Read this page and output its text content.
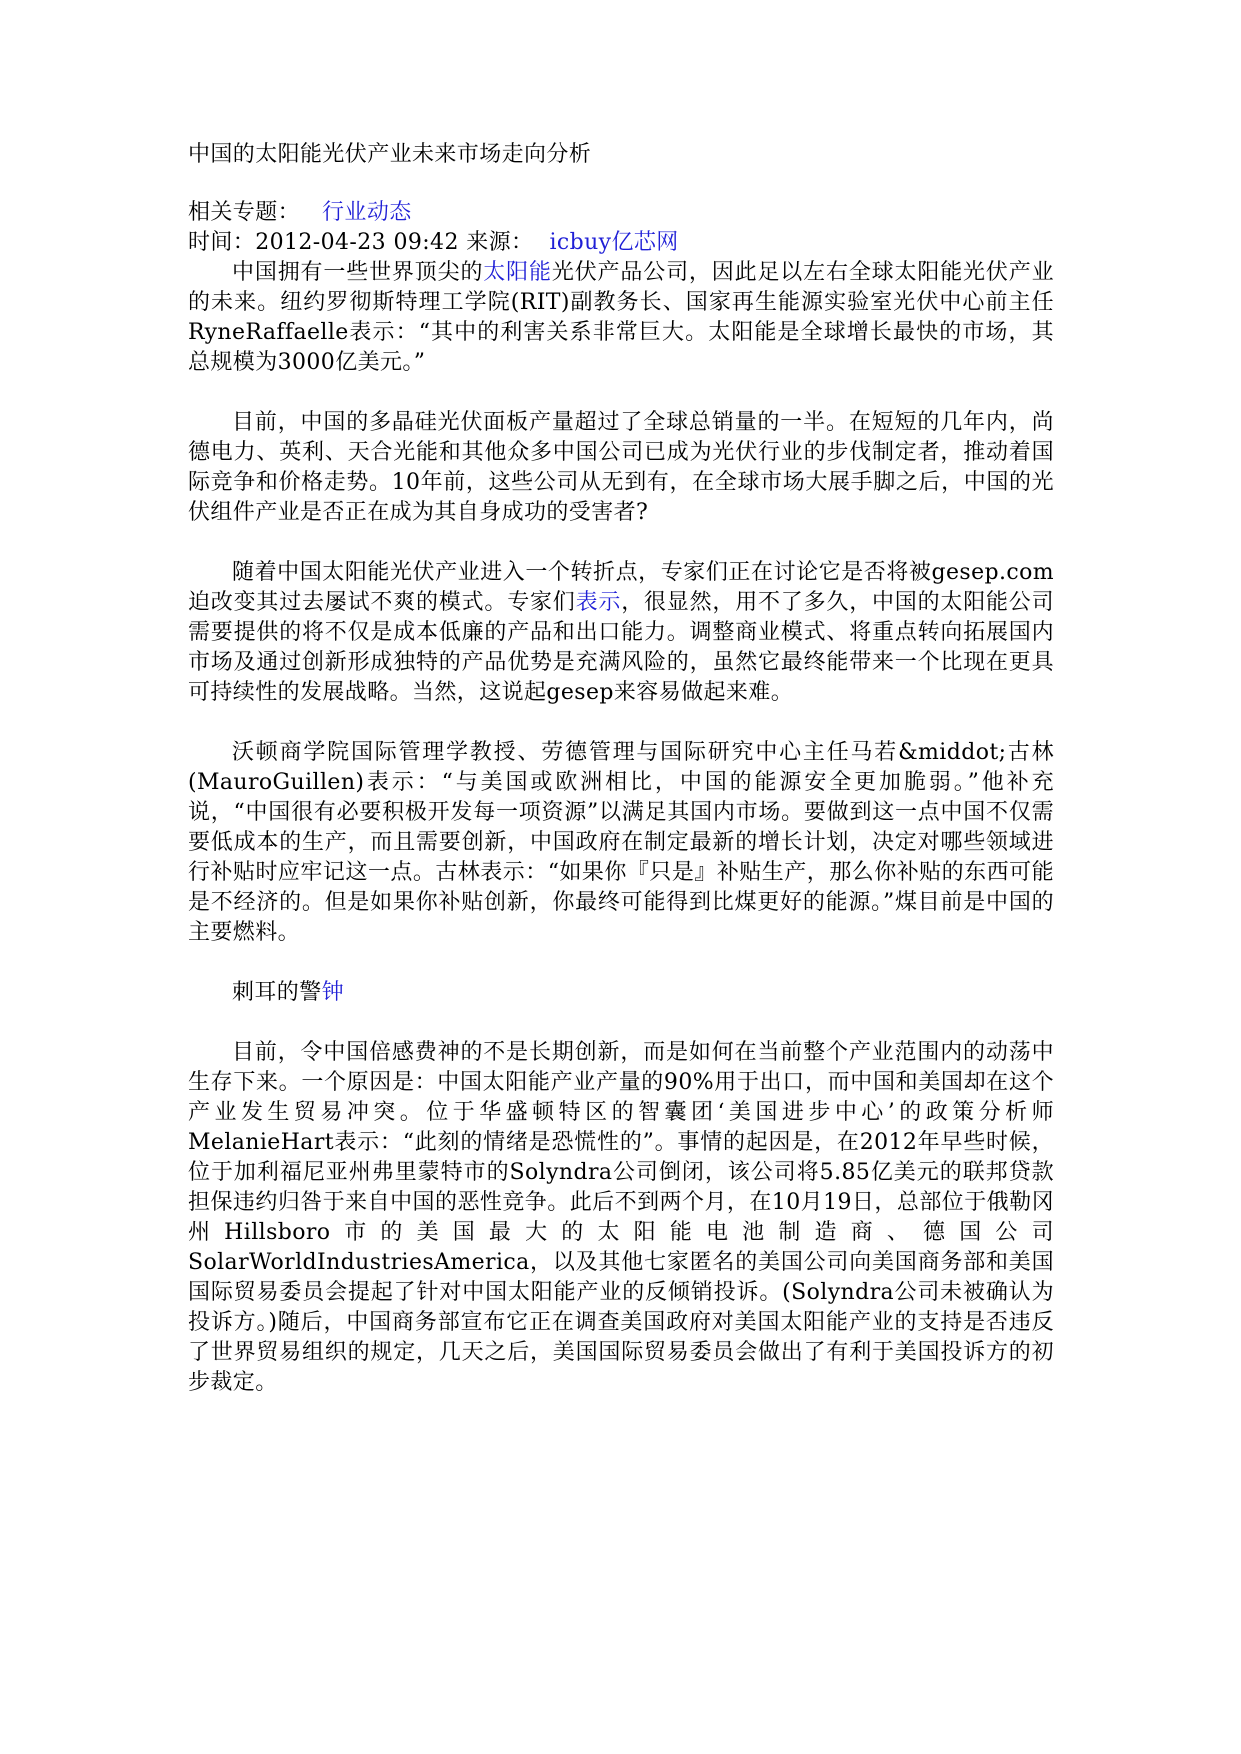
中国的太阳能光伏产业未来市场走向分析

相关专题： 行业动态

时间：2012-04-23 09:42 来源： icbuy亿芯网

中国拥有一些世界顶尖的太阳能光伏产品公司，因此足以左右全球太阳能光伏产业的未来。纽约罗彻斯特理工学院(RIT)副教务长、国家再生能源实验室光伏中心前主任RyneRaffaelle表示：“其中的利害关系非常巨大。太阳能是全球增长最快的市场，其总规模为3000亿美元。”

目前，中国的多晶硅光伏面板产量超过了全球总销量的一半。在短短的几年内，尚德电力、英利、天合光能和其他众多中国公司已成为光伏行业的步伐制定者，推动着国际竞争和价格走势。10年前，这些公司从无到有，在全球市场大展手脚之后，中国的光伏组件产业是否正在成为其自身成功的受害者?

随着中国太阳能光伏产业进入一个转折点，专家们正在讨论它是否将被gesep.com迫改变其过去屡试不爽的模式。专家们表示，很显然，用不了多久，中国的太阳能公司需要提供的将不仅是成本低廉的产品和出口能力。调整商业模式、将重点转向拓展国内市场及通过创新形成独特的产品优势是充满风险的，虽然它最终能带来一个比现在更具可持续性的发展战略。当然，这说起gesep来容易做起来难。

沃顿商学院国际管理学教授、劳德管理与国际研究中心主任马若&middot;古林(MauroGuillen)表示：“与美国或欧洲相比，中国的能源安全更加脆弱。”他补充说，“中国很有必要积极开发每一项资源”以满足其国内市场。要做到这一点中国不仅需要低成本的生产，而且需要创新，中国政府在制定最新的增长计划，决定对哪些领域进行补贴时应牢记这一点。古林表示：“如果你『只是』补贴生产，那么你补贴的东西可能是不经济的。但是如果你补贴创新，你最终可能得到比煤更好的能源。”煤目前是中国的主要燃料。

刺耳的警钟

目前，令中国倍感费神的不是长期创新，而是如何在当前整个产业范围内的动荡中生存下来。一个原因是：中国太阳能产业产量的90%用于出口，而中国和美国却在这个产业发生贸易冲突。位于华盛顿特区的智囊团‘美国进步中心’的政策分析师MelanieHart表示：“此刻的情绪是恐慌性的”。事情的起因是，在2012年早些时候，位于加利福尼亚州弗里蒙特市的Solyndra公司倒闭，该公司将5.85亿美元的联邦贷款担保违约归咎于来自中国的恶性竞争。此后不到两个月，在10月19日，总部位于俄勒冈州Hillsboro市的美国最大的太阳能电池制造商、德国公司SolarWorldIndustriesAmerica，以及其他七家匿名的美国公司向美国商务部和美国国际贸易委员会提起了针对中国太阳能产业的反倾销投诉。(Solyndra公司未被确认为投诉方。)随后，中国商务部宣布它正在调查美国政府对美国太阳能产业的支持是否违反了世界贸易组织的规定，几天之后，美国国际贸易委员会做出了有利于美国投诉方的初步裁定。
